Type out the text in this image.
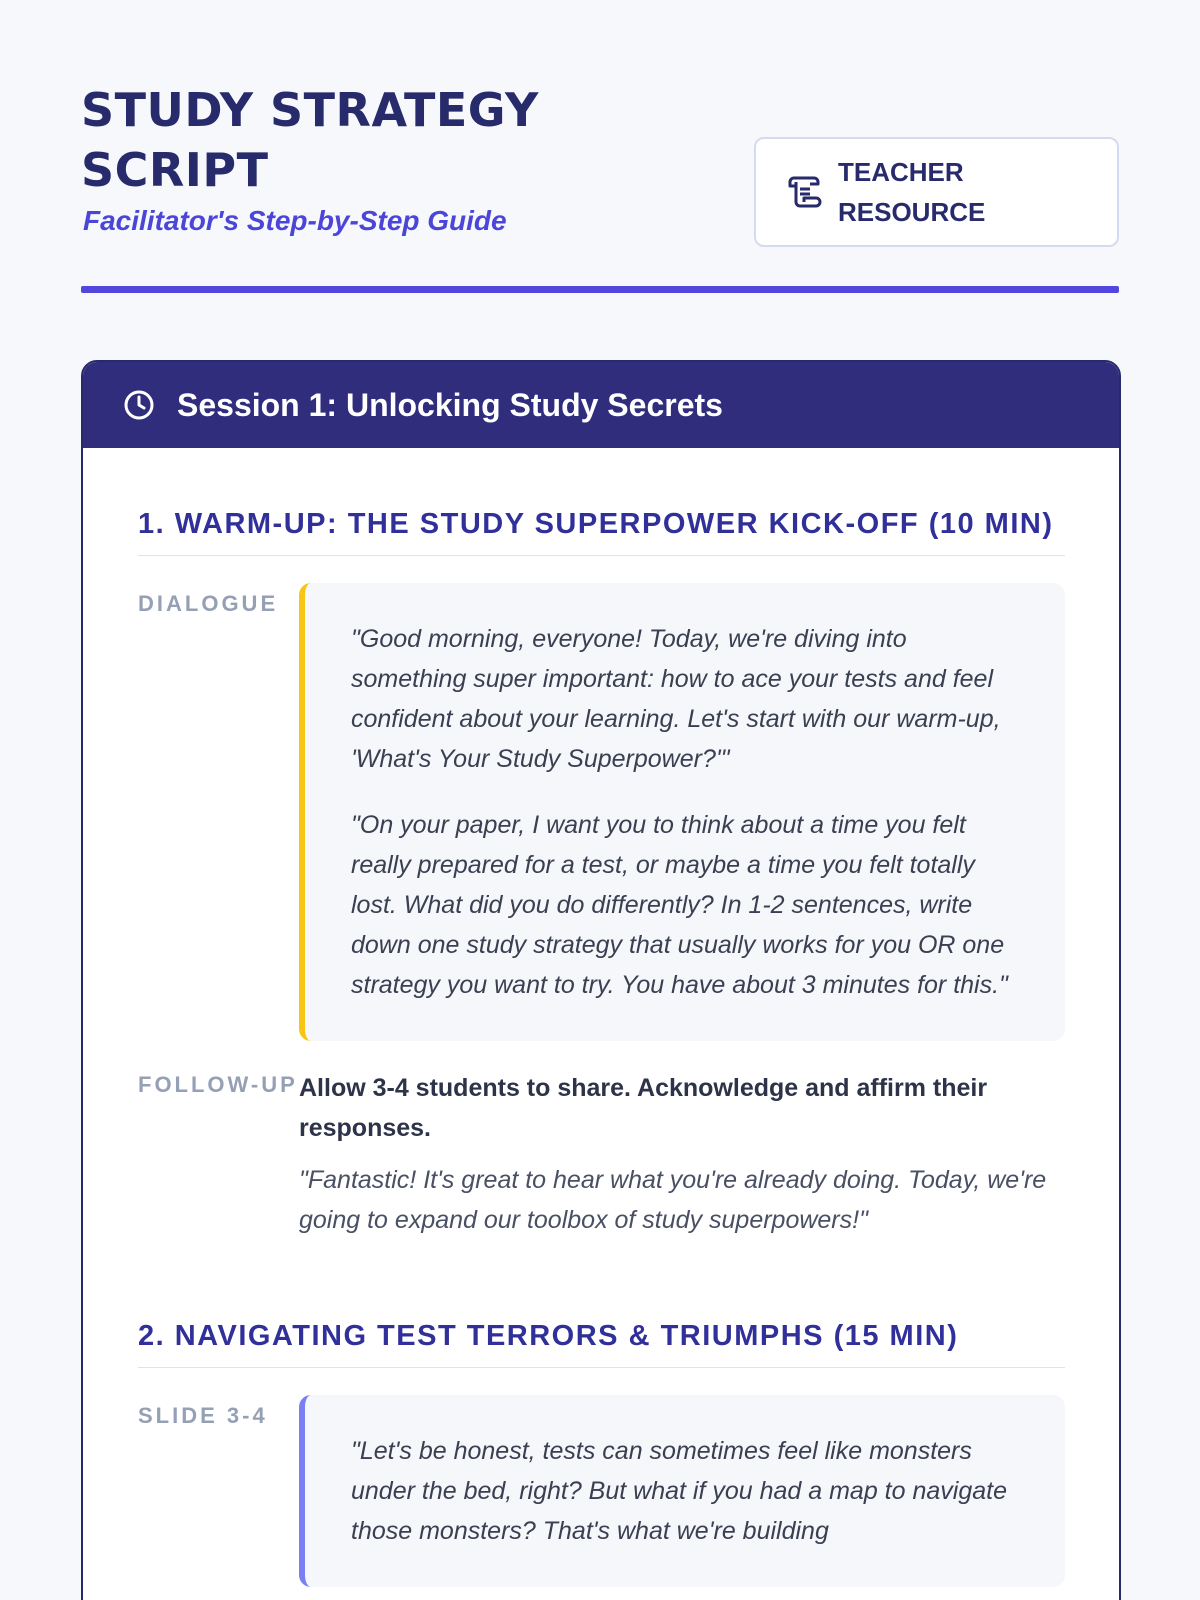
STUDY STRATEGY SCRIPT
Facilitator's Step-by-Step Guide
TEACHER RESOURCE
Session 1: Unlocking Study Secrets
1. WARM-UP: THE STUDY SUPERPOWER KICK-OFF (10 MIN)
DIALOGUE

"Good morning, everyone! Today, we're diving into something super important: how to ace your tests and feel confident about your learning. Let's start with our warm-up, 'What's Your Study Superpower?'"

"On your paper, I want you to think about a time you felt really prepared for a test, or maybe a time you felt totally lost. What did you do differently? In 1-2 sentences, write down one study strategy that usually works for you OR one strategy you want to try. You have about 3 minutes for this."

FOLLOW-UP Allow 3-4 students to share. Acknowledge and affirm their responses.
"Fantastic! It's great to hear what you're already doing. Today, we're going to expand our toolbox of study superpowers!"
2. NAVIGATING TEST TERRORS & TRIUMPHS (15 MIN)
SLIDE 3-4

"Let's be honest, tests can sometimes feel like monsters under the bed, right? But what if you had a map to navigate those monsters? That's what we're building
